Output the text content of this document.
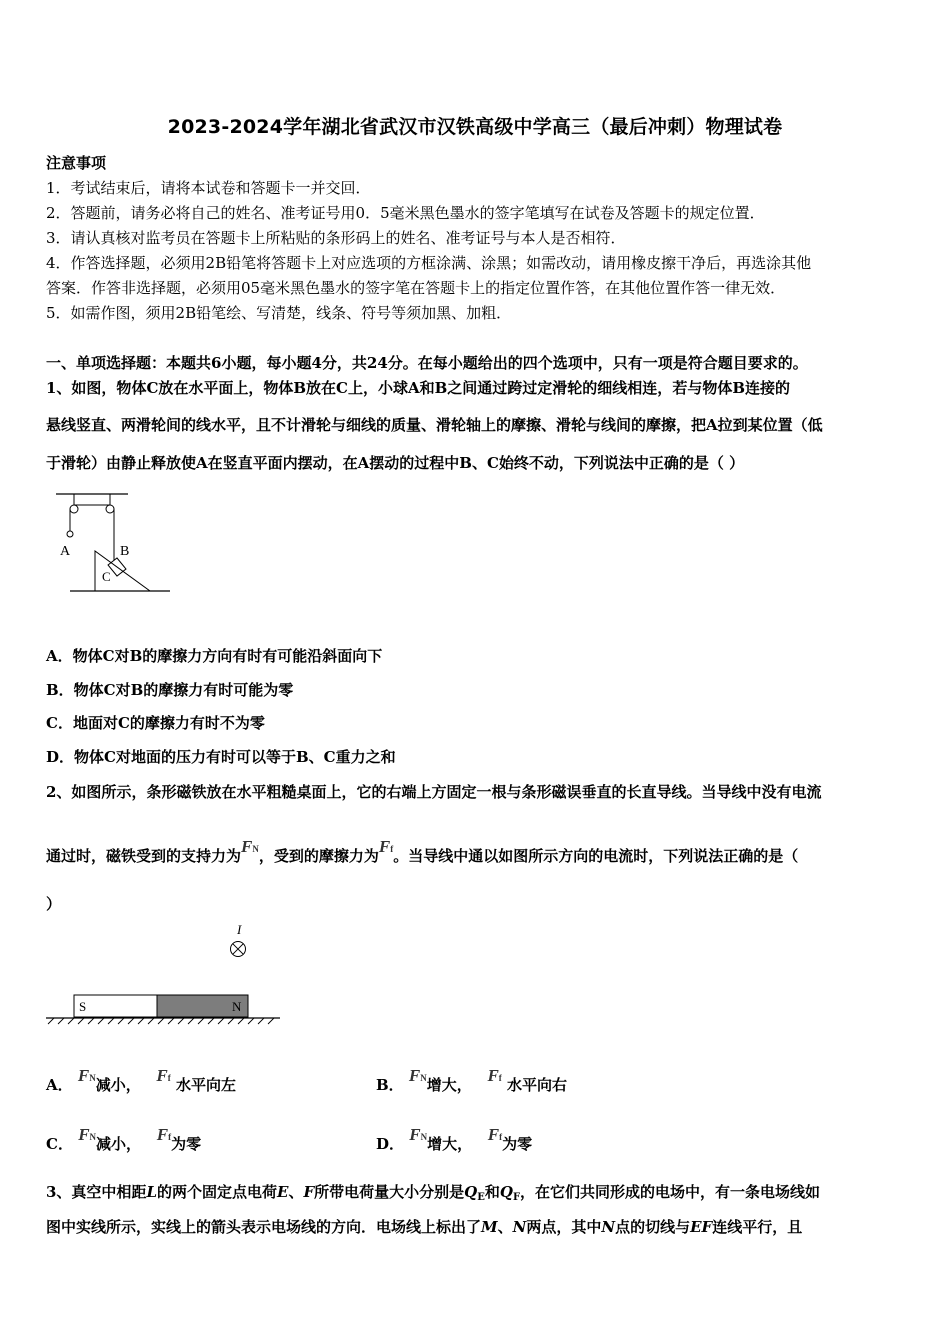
2023-2024学年湖北省武汉市汉铁高级中学高三（最后冲刺）物理试卷
注意事项
1．考试结束后，请将本试卷和答题卡一并交回．
2．答题前，请务必将自己的姓名、准考证号用0．5毫米黑色墨水的签字笔填写在试卷及答题卡的规定位置．
3．请认真核对监考员在答题卡上所粘贴的条形码上的姓名、准考证号与本人是否相符．
4．作答选择题，必须用2B铅笔将答题卡上对应选项的方框涂满、涂黑；如需改动，请用橡皮擦干净后，再选涂其他
答案．作答非选择题，必须用05毫米黑色墨水的签字笔在答题卡上的指定位置作答，在其他位置作答一律无效．
5．如需作图，须用2B铅笔绘、写清楚，线条、符号等须加黑、加粗．
一、单项选择题：本题共6小题，每小题4分，共24分。在每小题给出的四个选项中，只有一项是符合题目要求的。
1、如图，物体C放在水平面上，物体B放在C上，小球A和B之间通过跨过定滑轮的细线相连，若与物体B连接的
悬线竖直、两滑轮间的线水平，且不计滑轮与细线的质量、滑轮轴上的摩擦、滑轮与线间的摩擦，把A拉到某位置（低
于滑轮）由静止释放使A在竖直平面内摆动，在A摆动的过程中B、C始终不动，下列说法中正确的是（ ）
A	B
C
A．物体C对B的摩擦力方向有时有可能沿斜面向下
B．物体C对B的摩擦力有时可能为零
C．地面对C的摩擦力有时不为零
D．物体C对地面的压力有时可以等于B、C重力之和
2、如图所示，条形磁铁放在水平粗糙桌面上，它的右端上方固定一根与条形磁误垂直的长直导线。当导线中没有电流
通过时，磁铁受到的支持力为FN，受到的摩擦力为Ff。当导线中通以如图所示方向的电流时，下列说法正确的是（
）
I
S	N
A． FN减小， Ff 水平向左	B． FN增大， Ff 水平向右
C． FN减小， Ff为零	D． FN增大， Ff为零
3、真空中相距L的两个固定点电荷E、F所带电荷量大小分别是$Q_E$和$Q_F$，在它们共同形成的电场中，有一条电场线如
图中实线所示，实线上的箭头表示电场线的方向．电场线上标出了M、N两点，其中N点的切线与EF连线平行，且
